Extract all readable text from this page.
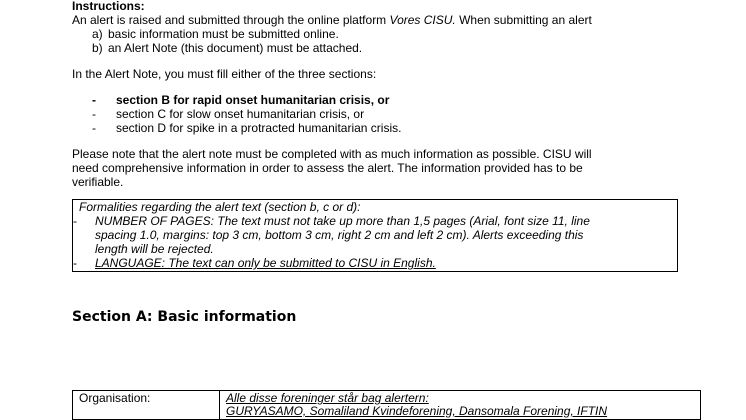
Instructions:
An alert is raised and submitted through the online platform Vores CISU. When submitting an alert
a) basic information must be submitted online.
b) an Alert Note (this document) must be attached.
In the Alert Note, you must fill either of the three sections:
-	section B for rapid onset humanitarian crisis, or
-	section C for slow onset humanitarian crisis, or
-	section D for spike in a protracted humanitarian crisis.
Please note that the alert note must be completed with as much information as possible. CISU will
need comprehensive information in order to assess the alert. The information provided has to be
verifiable.
Formalities regarding the alert text (section b, c or d):
-	NUMBER OF PAGES: The text must not take up more than 1,5 pages (Arial, font size 11, line
spacing 1.0, margins: top 3 cm, bottom 3 cm, right 2 cm and left 2 cm). Alerts exceeding this
length will be rejected.
-	LANGUAGE: The text can only be submitted to CISU in English.
Section A: Basic information
Organisation:	Alle disse foreninger står bag alertern:
GURYASAMO, Somaliland Kvindeforening, Dansomala Forening, IFTIN
